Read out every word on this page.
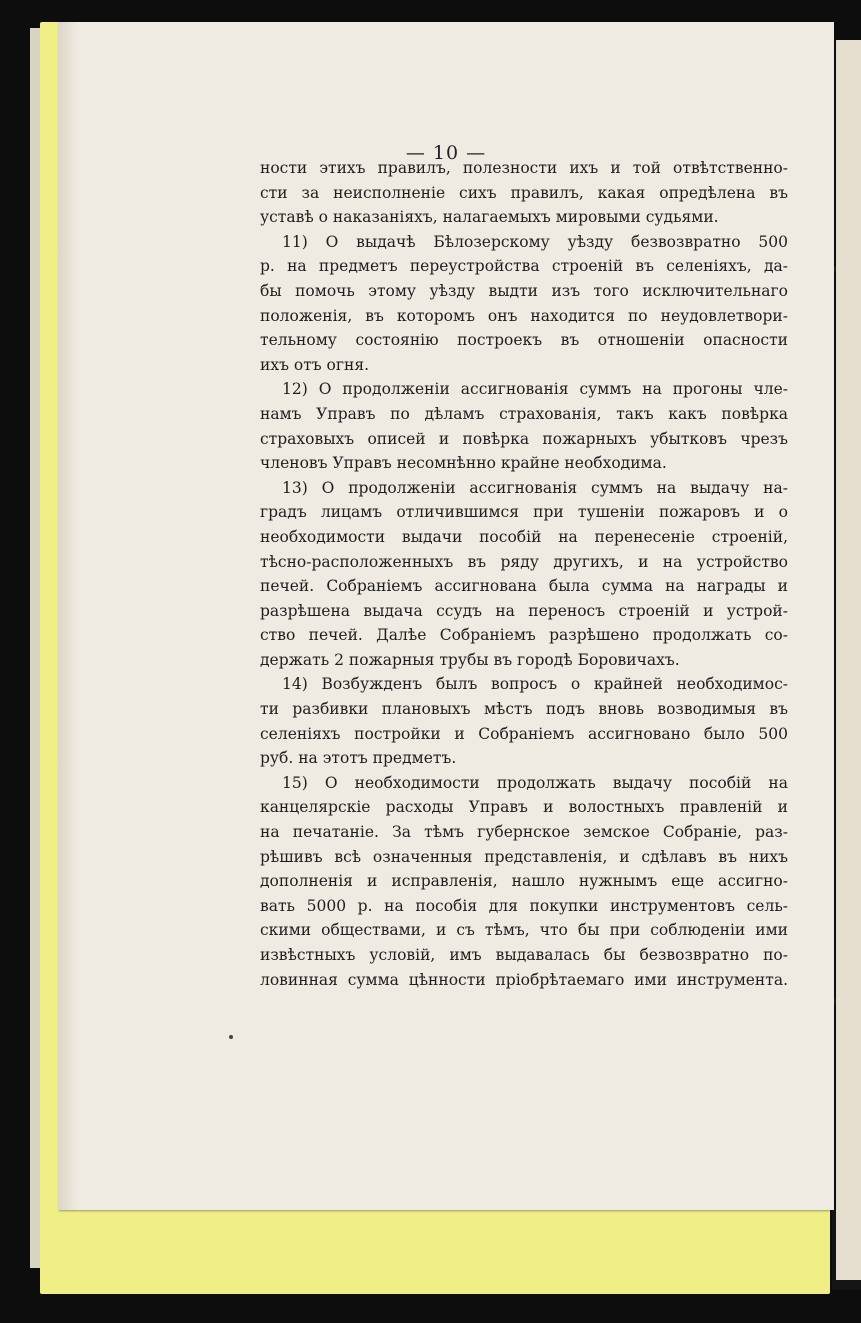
— 10 —
ности этихъ правилъ, полезности ихъ и той отвѣтственно-
сти за неисполненіе сихъ правилъ, какая опредѣлена въ
уставѣ о наказаніяхъ, налагаемыхъ мировыми судьями.
11) О выдачѣ Бѣлозерскому уѣзду безвозвратно 500
р. на предметъ переустройства строеній въ селеніяхъ, да-
бы помочь этому уѣзду выдти изъ того исключительнаго
положенія, въ которомъ онъ находится по неудовлетвори-
тельному состоянію построекъ въ отношеніи опасности
ихъ отъ огня.
12) О продолженіи ассигнованія суммъ на прогоны чле-
намъ Управъ по дѣламъ страхованія, такъ какъ повѣрка
страховыхъ описей и повѣрка пожарныхъ убытковъ чрезъ
членовъ Управъ несомнѣнно крайне необходима.
13) О продолженіи ассигнованія суммъ на выдачу на-
градъ лицамъ отличившимся при тушеніи пожаровъ и о
необходимости выдачи пособій на перенесеніе строеній,
тѣсно-расположенныхъ въ ряду другихъ, и на устройство
печей. Собраніемъ ассигнована была сумма на награды и
разрѣшена выдача ссудъ на переносъ строеній и устрой-
ство печей. Далѣе Собраніемъ разрѣшено продолжать со-
держать 2 пожарныя трубы въ городѣ Боровичахъ.
14) Возбужденъ былъ вопросъ о крайней необходимос-
ти разбивки плановыхъ мѣстъ подъ вновь возводимыя въ
селеніяхъ постройки и Собраніемъ ассигновано было 500
руб. на этотъ предметъ.
15) О необходимости продолжать выдачу пособій на
канцелярскіе расходы Управъ и волостныхъ правленій и
на печатаніе. За тѣмъ губернское земское Собраніе, раз-
рѣшивъ всѣ означенныя представленія, и сдѣлавъ въ нихъ
дополненія и исправленія, нашло нужнымъ еще ассигно-
вать 5000 р. на пособія для покупки инструментовъ сель-
скими обществами, и съ тѣмъ, что бы при соблюденіи ими
извѣстныхъ условій, имъ выдавалась бы безвозвратно по-
ловинная сумма цѣнности пріобрѣтаемаго ими инструмента.
